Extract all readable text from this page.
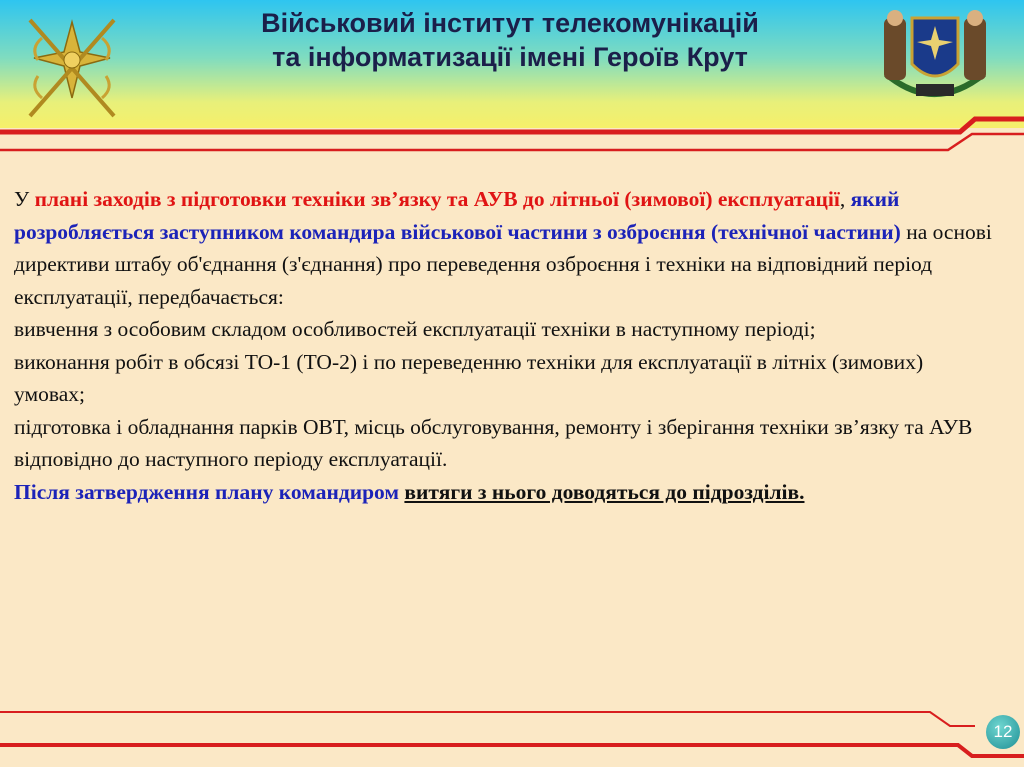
Військовий інститут телекомунікацій
та інформатизації імені Героїв Крут

У плані заходів з підготовки техніки зв’язку та АУВ до літньої (зимової) експлуатації, який розробляється заступником командира військової частини з озброєння (технічної частини) на основі директиви штабу об'єднання (з'єднання) про переведення озброєння і техніки на відповідний період експлуатації, передбачається:

вивчення з особовим складом особливостей експлуатації техніки в наступному періоді;

виконання робіт в обсязі ТО-1 (ТО-2) і по переведенню техніки для експлуатації в літніх (зимових) умовах;

підготовка і обладнання парків ОВТ, місць обслуговування, ремонту і зберігання техніки зв’язку та АУВ відповідно до наступного періоду експлуатації.

Після затвердження плану командиром витяги з нього доводяться до підрозділів.

12
